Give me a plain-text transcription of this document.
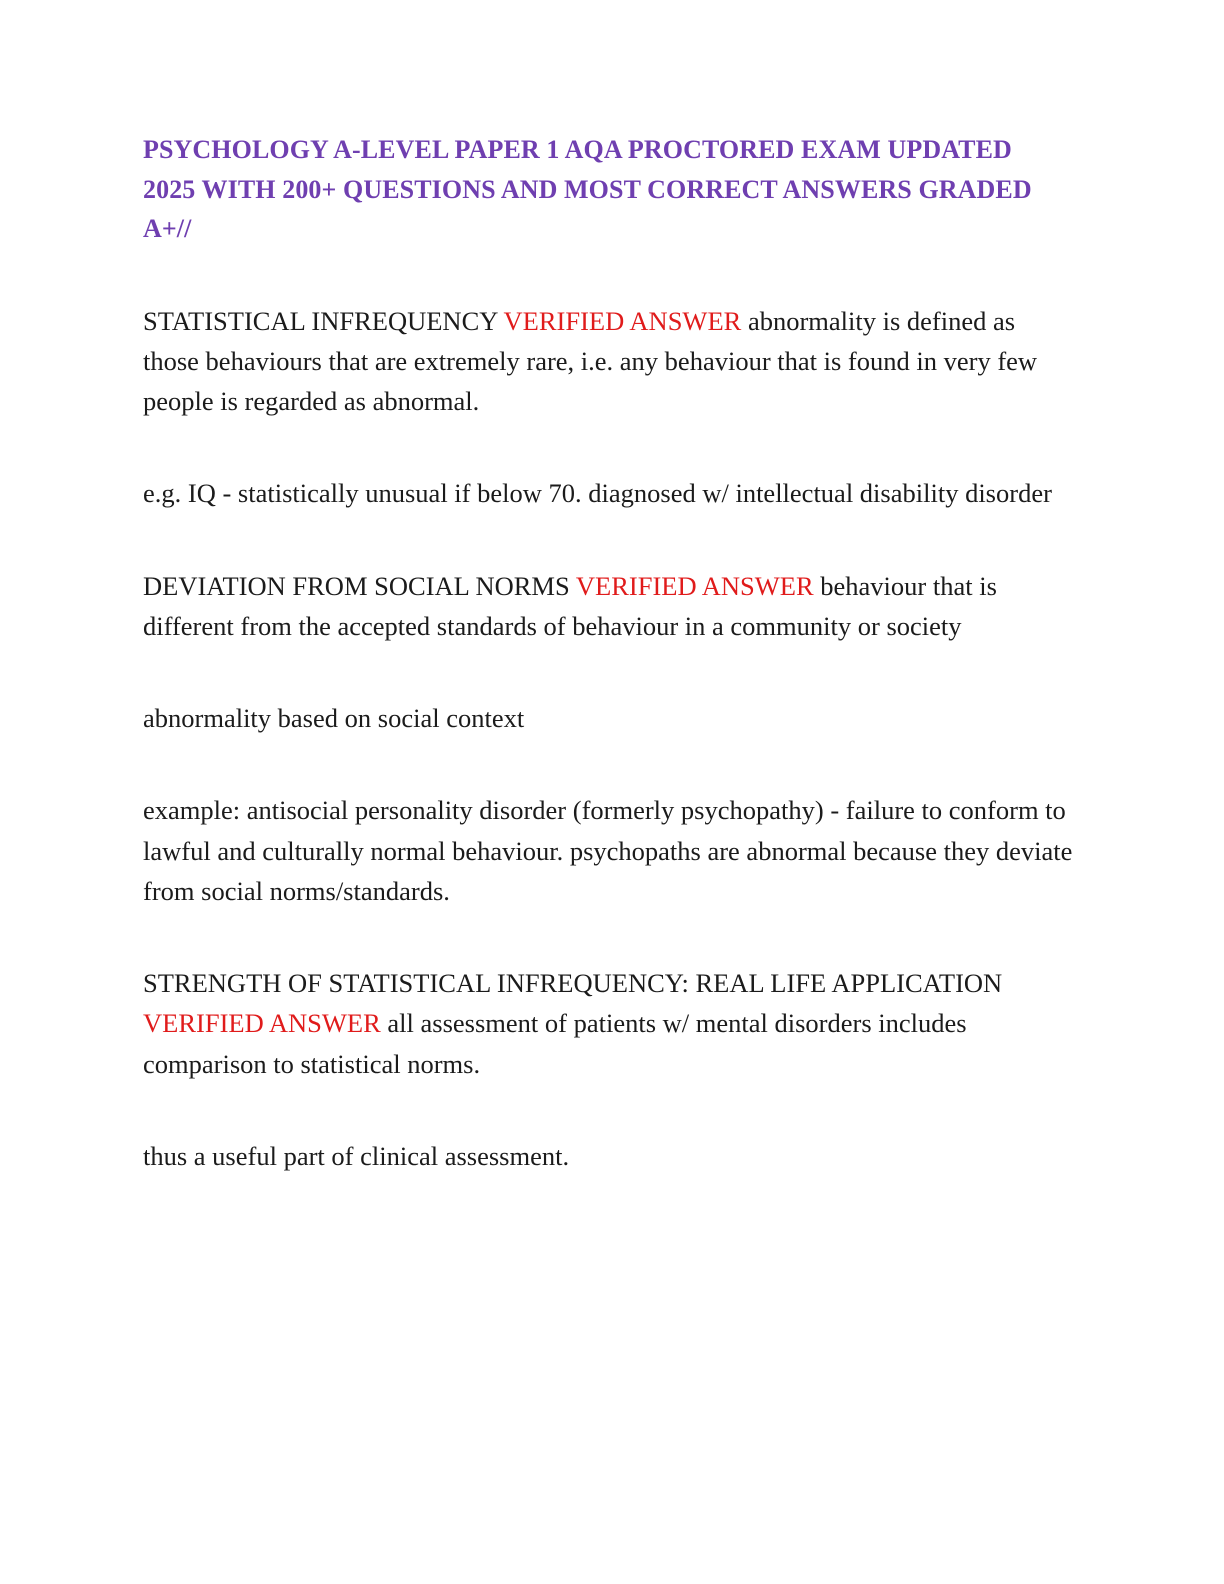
PSYCHOLOGY A-LEVEL PAPER 1 AQA PROCTORED EXAM UPDATED 2025 WITH 200+ QUESTIONS AND MOST CORRECT ANSWERS GRADED A+//

STATISTICAL INFREQUENCY VERIFIED ANSWER abnormality is defined as those behaviours that are extremely rare, i.e. any behaviour that is found in very few people is regarded as abnormal.

e.g. IQ - statistically unusual if below 70. diagnosed w/ intellectual disability disorder

DEVIATION FROM SOCIAL NORMS VERIFIED ANSWER behaviour that is different from the accepted standards of behaviour in a community or society

abnormality based on social context

example: antisocial personality disorder (formerly psychopathy) - failure to conform to lawful and culturally normal behaviour. psychopaths are abnormal because they deviate from social norms/standards.

STRENGTH OF STATISTICAL INFREQUENCY: REAL LIFE APPLICATION VERIFIED ANSWER all assessment of patients w/ mental disorders includes comparison to statistical norms.

thus a useful part of clinical assessment.
